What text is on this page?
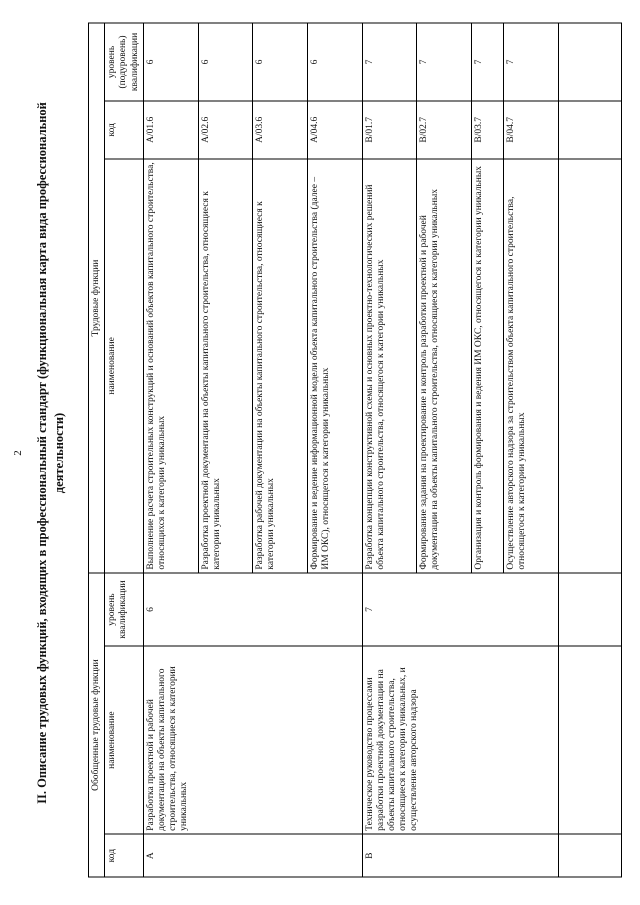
2 II. Описание трудовых функций, входящих в профессиональный стандарт (функциональная карта вида профессиональной деятельности)
Обобщенные трудовые функции			Трудовые функции		
код	наименование	уровень квалификации	наименование	код	уровень (подуровень) квалификации
A	Разработка проектной и рабочей документации на объекты капитального строительства, относящиеся к категории уникальных	6	Выполнение расчета строительных конструкций и оснований объектов капитального строительства, относящихся к категории уникальных	A/01.6	6
			Разработка проектной документации на объекты капитального строительства, относящиеся к категории уникальных	A/02.6	6
			Разработка рабочей документации на объекты капитального строительства, относящиеся к категории уникальных	A/03.6	6
			Формирование и ведение информационной модели объекта капитального строительства (далее – ИМ ОКС), относящегося к категории уникальных	A/04.6	6
B	Техническое руководство процессами разработки проектной документации на объекты капитального строительства, относящиеся к категории уникальных, и осуществление авторского надзора	7	Разработка концепции конструктивной схемы и основных проектно-технологических решений объекта капитального строительства, относящегося к категории уникальных	B/01.7	7
			Формирование задания на проектирование и контроль разработки проектной и рабочей документации на объекты капитального строительства, относящиеся к категории уникальных	B/02.7	7
			Организация и контроль формирования и ведения ИМ ОКС, относящегося к категории уникальных	B/03.7	7
			Осуществление авторского надзора за строительством объекта капитального строительства, относящегося к категории уникальных	B/04.7	7
